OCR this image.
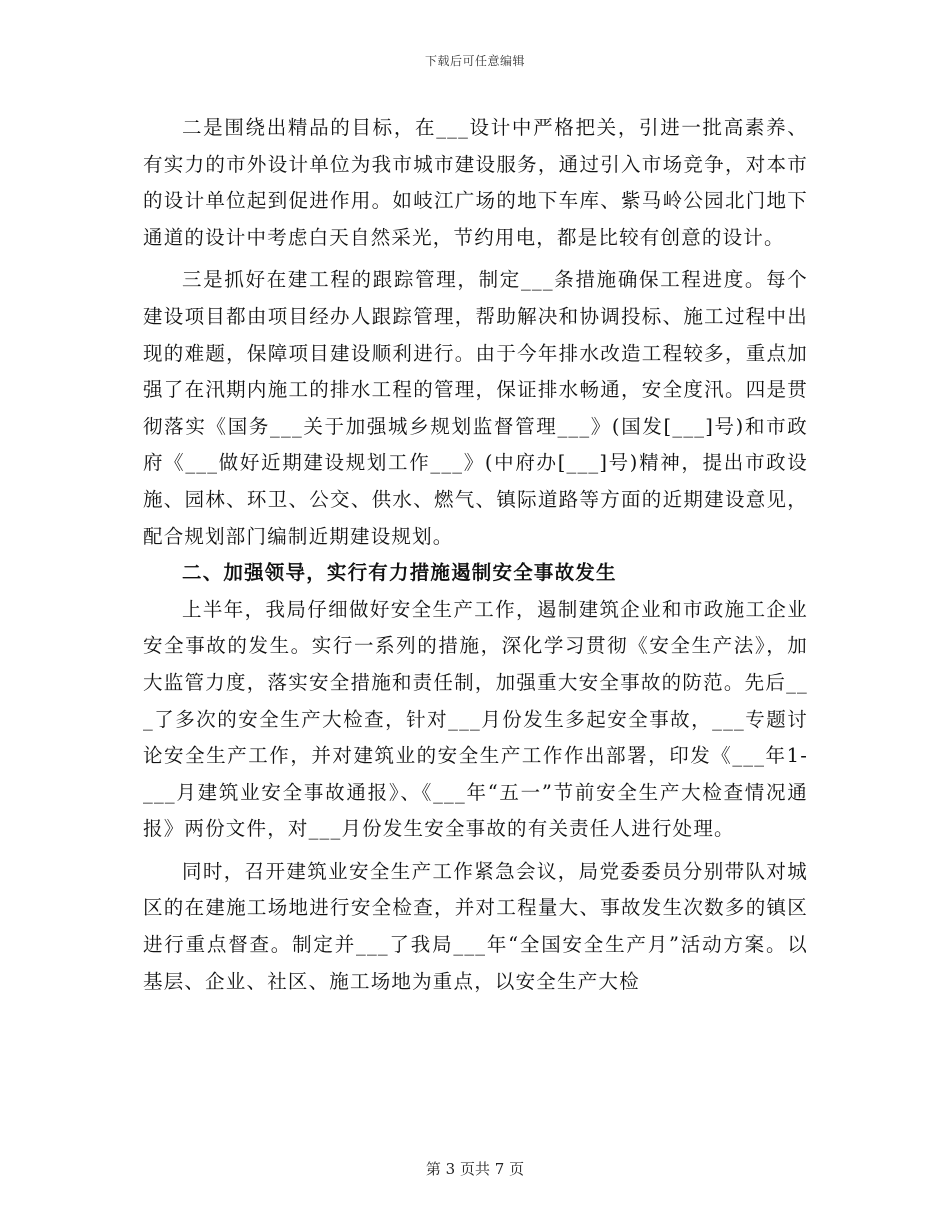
下载后可任意编辑

二是围绕出精品的目标，在___设计中严格把关，引进一批高素养、有实力的市外设计单位为我市城市建设服务，通过引入市场竞争，对本市的设计单位起到促进作用。如岐江广场的地下车库、紫马岭公园北门地下通道的设计中考虑白天自然采光，节约用电，都是比较有创意的设计。

三是抓好在建工程的跟踪管理，制定___条措施确保工程进度。每个建设项目都由项目经办人跟踪管理，帮助解决和协调投标、施工过程中出现的难题，保障项目建设顺利进行。由于今年排水改造工程较多，重点加强了在汛期内施工的排水工程的管理，保证排水畅通，安全度汛。四是贯彻落实《国务___关于加强城乡规划监督管理___》(国发[___]号)和市政府《___做好近期建设规划工作___》(中府办[___]号)精神，提出市政设施、园林、环卫、公交、供水、燃气、镇际道路等方面的近期建设意见，配合规划部门编制近期建设规划。

二、加强领导，实行有力措施遏制安全事故发生

上半年，我局仔细做好安全生产工作，遏制建筑企业和市政施工企业安全事故的发生。实行一系列的措施，深化学习贯彻《安全生产法》，加大监管力度，落实安全措施和责任制，加强重大安全事故的防范。先后___了多次的安全生产大检查，针对___月份发生多起安全事故，___专题讨论安全生产工作，并对建筑业的安全生产工作作出部署，印发《___年1-___月建筑业安全事故通报》、《___年“五一”节前安全生产大检查情况通报》两份文件，对___月份发生安全事故的有关责任人进行处理。

同时，召开建筑业安全生产工作紧急会议，局党委委员分别带队对城区的在建施工场地进行安全检查，并对工程量大、事故发生次数多的镇区进行重点督查。制定并___了我局___年“全国安全生产月”活动方案。以基层、企业、社区、施工场地为重点，以安全生产大检

第 3 页共 7 页
